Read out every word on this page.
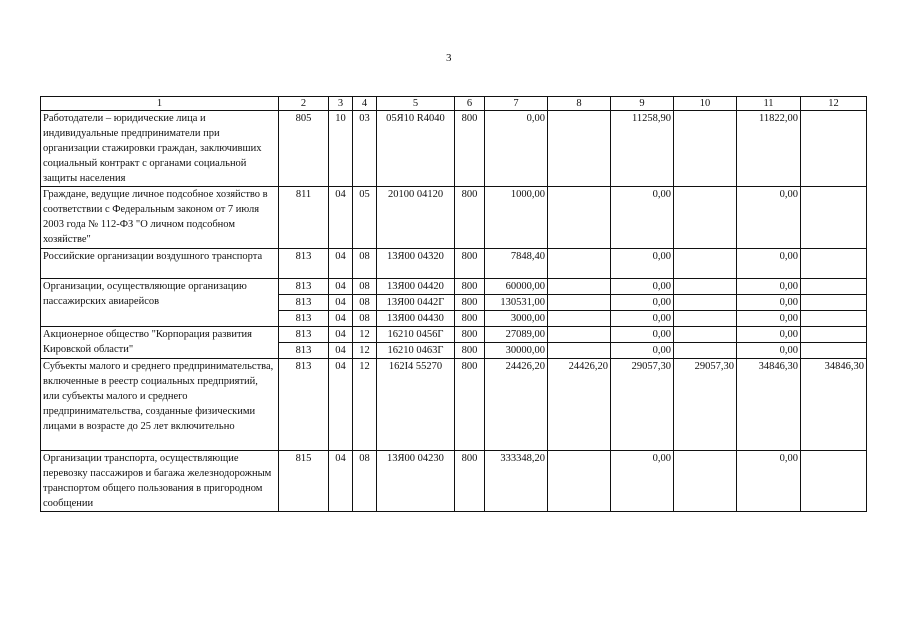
3
1	2	3	4	5	6	7	8	9	10	11	12
Работодатели – юридические лица и индивидуальные предприниматели при организации стажировки граждан, заключивших социальный контракт с органами социальной защиты населения	805	10	03	05Я10 R4040	800	0,00		11258,90		11822,00	
Граждане, ведущие личное подсобное хозяйство в соответствии с Федеральным законом от 7 июля 2003 года № 112-ФЗ "О личном подсобном хозяйстве"	811	04	05	20100 04120	800	1000,00		0,00		0,00	
Российские организации воздушного транспорта	813	04	08	13Я00 04320	800	7848,40		0,00		0,00	
Организации, осуществляющие организацию пассажирских авиарейсов	813	04	08	13Я00 04420	800	60000,00		0,00		0,00	
	813	04	08	13Я00 0442Г	800	130531,00		0,00		0,00	
	813	04	08	13Я00 04430	800	3000,00		0,00		0,00	
Акционерное общество "Корпорация развития Кировской области"	813	04	12	16210 0456Г	800	27089,00		0,00		0,00	
	813	04	12	16210 0463Г	800	30000,00		0,00		0,00	
Субъекты малого и среднего предпринимательства, включенные в реестр социальных предприятий, или субъекты малого и среднего предпринимательства, созданные физическими лицами в возрасте до 25 лет включительно	813	04	12	162I4 55270	800	24426,20	24426,20	29057,30	29057,30	34846,30	34846,30
Организации транспорта, осуществляющие перевозку пассажиров и багажа железнодорожным транспортом общего пользования в пригородном сообщении	815	04	08	13Я00 04230	800	333348,20		0,00		0,00	
